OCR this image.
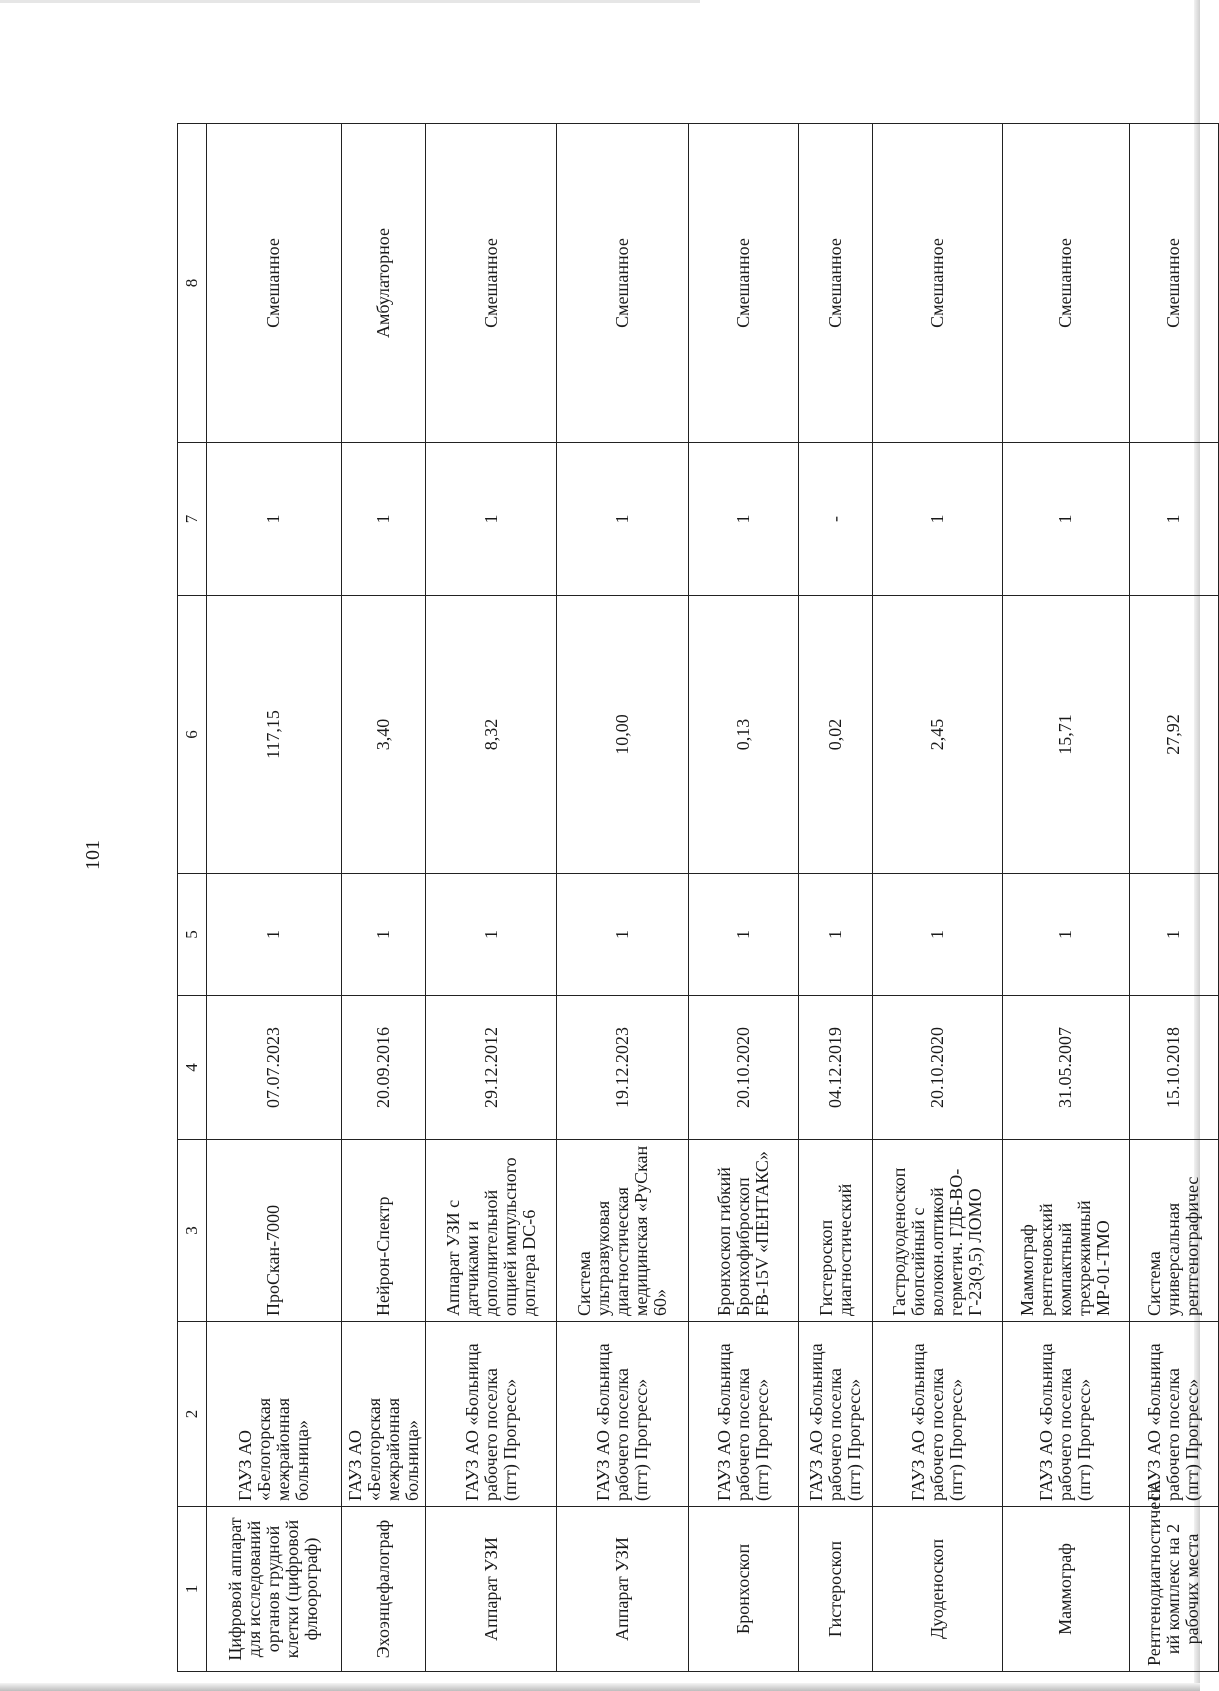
101
1	2	3	4	5	6	7	8
Цифровой аппарат для исследований органов грудной клетки (цифровой флюорограф)	ГАУЗ АО «Белогорская межрайонная больница»	ПроСкан-7000	07.07.2023	1	117,15	1	Смешанное
Эхоэнцефалограф	ГАУЗ АО «Белогорская межрайонная больница»	Нейрон-Спектр	20.09.2016	1	3,40	1	Амбулаторное
Аппарат УЗИ	ГАУЗ АО «Больница рабочего поселка (пгт) Прогресс»	Аппарат УЗИ с датчиками и дополнительной опцией импульсного доплера DC-6	29.12.2012	1	8,32	1	Смешанное
Аппарат УЗИ	ГАУЗ АО «Больница рабочего поселка (пгт) Прогресс»	Система ультразвуковая диагностическая медицинская «РуСкан 60»	19.12.2023	1	10,00	1	Смешанное
Бронхоскоп	ГАУЗ АО «Больница рабочего поселка (пгт) Прогресс»	Бронхоскоп гибкий Бронхофиброскоп FB-15V «ПЕНТАКС»	20.10.2020	1	0,13	1	Смешанное
Гистероскоп	ГАУЗ АО «Больница рабочего поселка (пгт) Прогресс»	Гистероскоп диагностический	04.12.2019	1	0,02	-	Смешанное
Дуоденоскоп	ГАУЗ АО «Больница рабочего поселка (пгт) Прогресс»	Гастродуоденоскоп биопсийный с волокон.оптикой герметич. ГДБ-ВО-Г-23(9,5) ЛОМО	20.10.2020	1	2,45	1	Смешанное
Маммограф	ГАУЗ АО «Больница рабочего поселка (пгт) Прогресс»	Маммограф рентгеновский компактный трехрежимный МР-01-ТМО	31.05.2007	1	15,71	1	Смешанное
Рентгенодиагностическ ий комплекс на 2 рабочих места	ГАУЗ АО «Больница рабочего поселка (пгт) Прогресс»	Система универсальная рентгенографичес	15.10.2018	1	27,92	1	Смешанное
